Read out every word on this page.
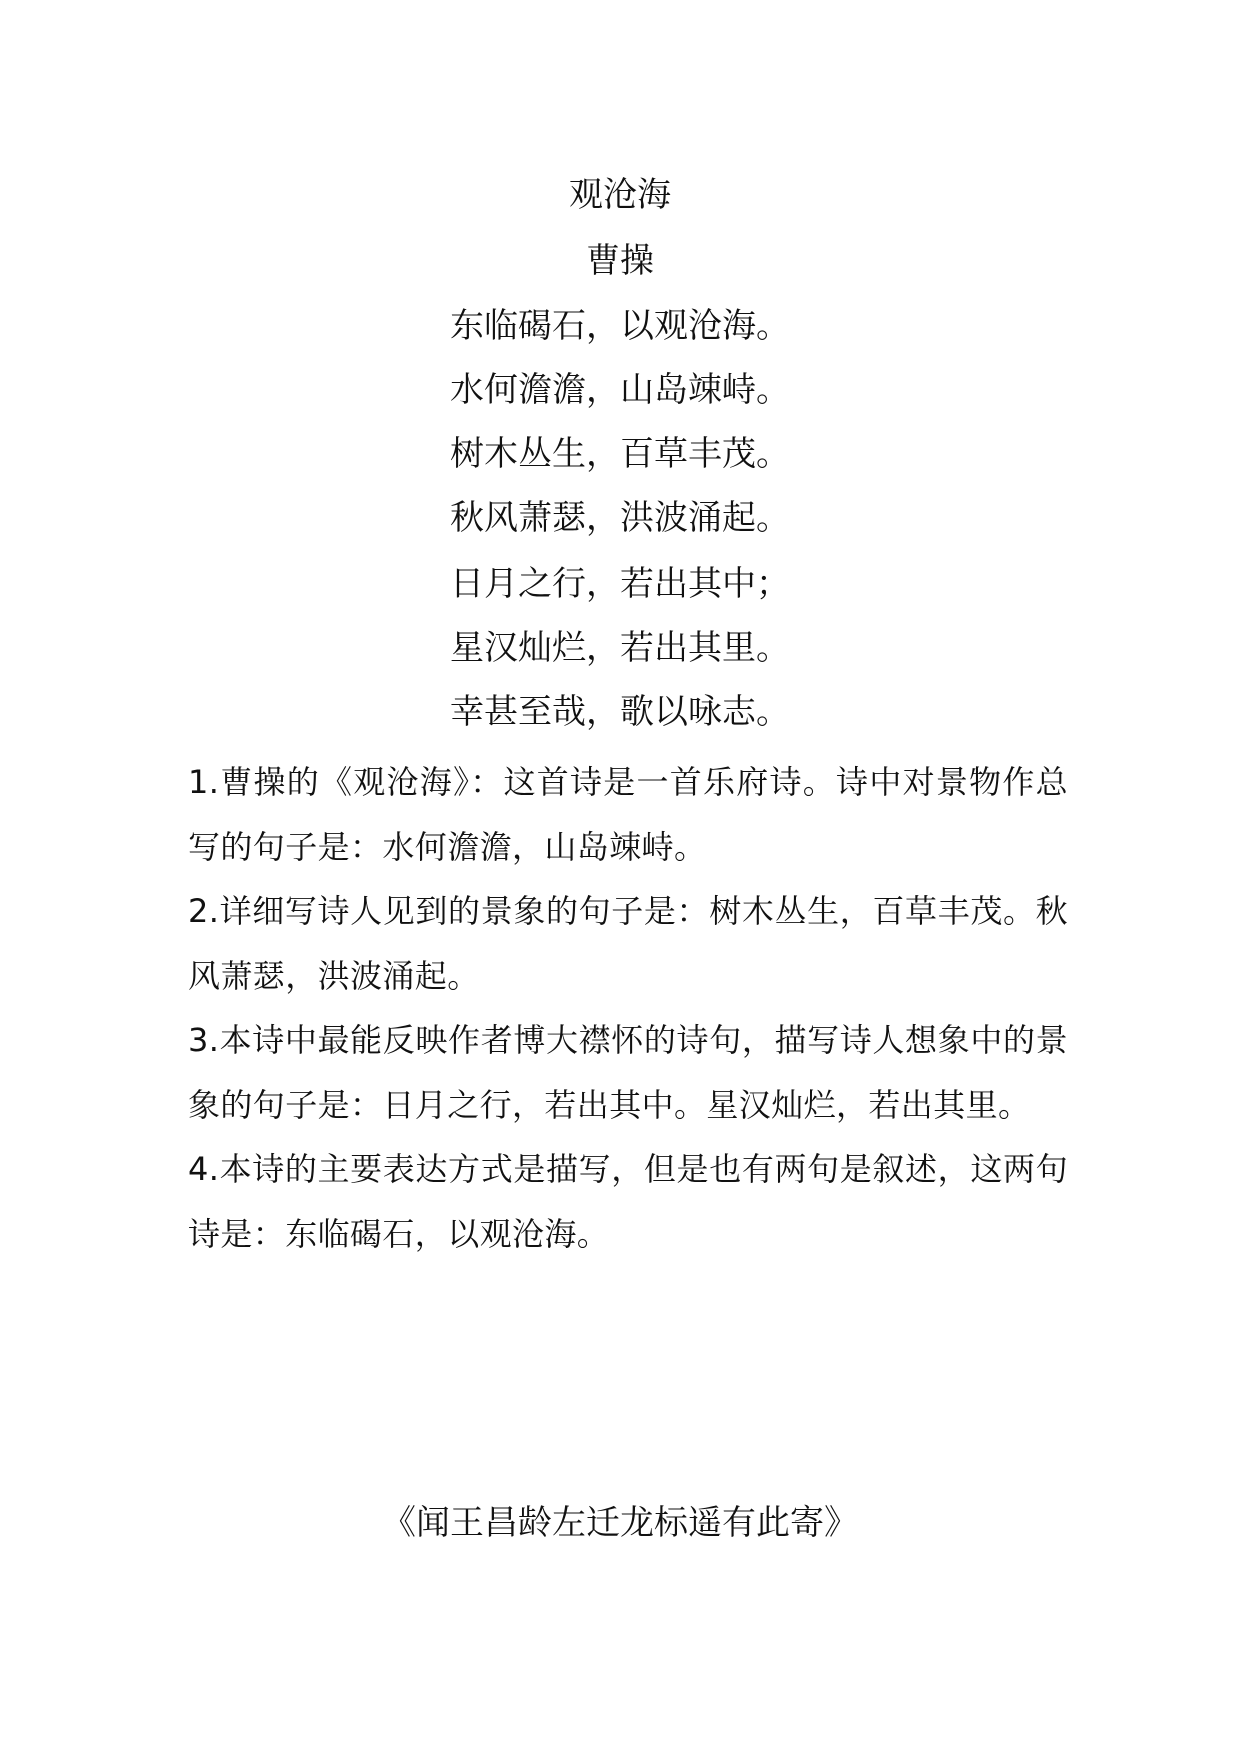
观沧海
曹操
东临碣石，以观沧海。
水何澹澹，山岛竦峙。
树木丛生，百草丰茂。
秋风萧瑟，洪波涌起。
日月之行，若出其中；
星汉灿烂，若出其里。
幸甚至哉，歌以咏志。

1.曹操的《观沧海》：这首诗是一首乐府诗。诗中对景物作总写的句子是：水何澹澹，山岛竦峙。

2.详细写诗人见到的景象的句子是：树木丛生，百草丰茂。秋风萧瑟，洪波涌起。

3.本诗中最能反映作者博大襟怀的诗句，描写诗人想象中的景象的句子是：日月之行，若出其中。星汉灿烂，若出其里。

4.本诗的主要表达方式是描写，但是也有两句是叙述，这两句诗是：东临碣石，以观沧海。

《闻王昌龄左迁龙标遥有此寄》
